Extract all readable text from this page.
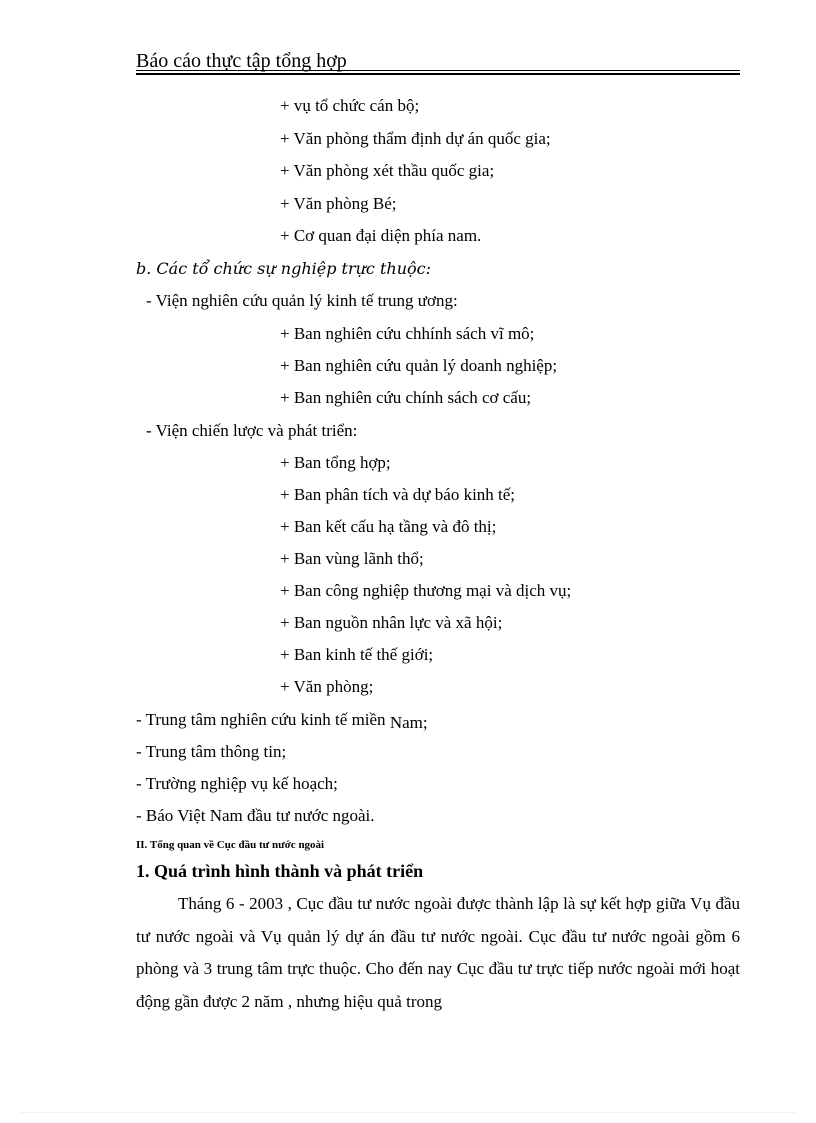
Báo cáo thực tập tổng hợp
+ vụ tổ chức cán bộ;
+ Văn phòng thẩm định dự án quốc gia;
+ Văn phòng xét thầu quốc gia;
+ Văn phòng Bé;
+ Cơ quan đại diện phía nam.
b. Các tổ chức sự nghiệp trực thuộc:
- Viện nghiên cứu quản lý kinh tế trung ương:
+ Ban nghiên cứu chhính sách vĩ mô;
+ Ban nghiên cứu quản lý doanh nghiệp;
+ Ban nghiên cứu chính sách cơ cấu;
- Viện chiến lược và phát triển:
+ Ban tổng hợp;
+ Ban phân tích và dự báo kinh tế;
+ Ban kết cấu hạ tầng và đô thị;
+ Ban vùng lãnh thổ;
+ Ban công nghiệp thương mại và dịch vụ;
+ Ban nguồn nhân lực và xã hội;
+ Ban kinh tế thế giới;
+ Văn phòng;
- Trung tâm nghiên cứu kinh tế miền Nam;
- Trung tâm thông tin;
- Trường nghiệp vụ kế hoạch;
- Báo Việt Nam đầu tư nước ngoài.
II. Tổng quan về Cục đầu tư nước ngoài
1. Quá trình hình thành và phát triển

Tháng 6 - 2003 , Cục đầu tư nước ngoài được thành lập là sự kết hợp giữa Vụ đầu tư nước ngoài và Vụ quản lý dự án đầu tư nước ngoài. Cục đầu tư nước ngoài gồm 6 phòng và 3 trung tâm trực thuộc. Cho đến nay Cục đầu tư trực tiếp nước ngoài mới hoạt động gần được 2 năm , nhưng hiệu quả trong
